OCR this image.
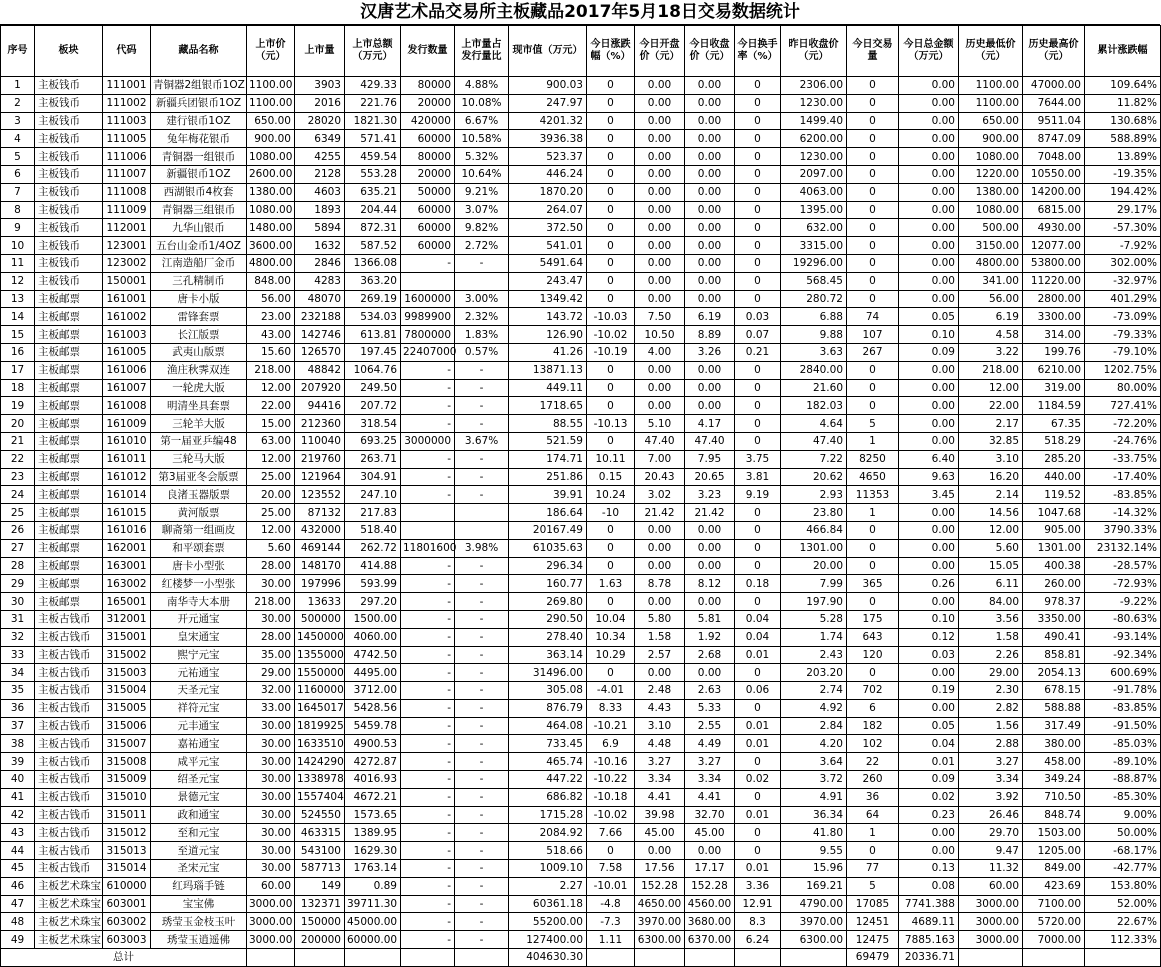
汉唐艺术品交易所主板藏品2017年5月18日交易数据统计
序号	板块	代码	藏品名称	上市价（元）	上市量	上市总额（万元）	发行数量	上市量占发行量比	现市值（万元）	今日涨跌幅（%）	今日开盘价（元）	今日收盘价（元）	今日换手率（%）	昨日收盘价（元）	今日交易量	今日总金额（万元）	历史最低价（元）	历史最高价（元）	累计涨跌幅
1	主板钱币	111001	青铜器2组银币1OZ	1100.00	3903	429.33	80000	4.88%	900.03	0	0.00	0.00	0	2306.00	0	0.00	1100.00	47000.00	109.64%
2	主板钱币	111002	新疆兵团银币1OZ	1100.00	2016	221.76	20000	10.08%	247.97	0	0.00	0.00	0	1230.00	0	0.00	1100.00	7644.00	11.82%
3	主板钱币	111003	建行银币1OZ	650.00	28020	1821.30	420000	6.67%	4201.32	0	0.00	0.00	0	1499.40	0	0.00	650.00	9511.04	130.68%
4	主板钱币	111005	兔年梅花银币	900.00	6349	571.41	60000	10.58%	3936.38	0	0.00	0.00	0	6200.00	0	0.00	900.00	8747.09	588.89%
5	主板钱币	111006	青铜器一组银币	1080.00	4255	459.54	80000	5.32%	523.37	0	0.00	0.00	0	1230.00	0	0.00	1080.00	7048.00	13.89%
6	主板钱币	111007	新疆银币1OZ	2600.00	2128	553.28	20000	10.64%	446.24	0	0.00	0.00	0	2097.00	0	0.00	1220.00	10550.00	-19.35%
7	主板钱币	111008	西湖银币4枚套	1380.00	4603	635.21	50000	9.21%	1870.20	0	0.00	0.00	0	4063.00	0	0.00	1380.00	14200.00	194.42%
8	主板钱币	111009	青铜器三组银币	1080.00	1893	204.44	60000	3.07%	264.07	0	0.00	0.00	0	1395.00	0	0.00	1080.00	6815.00	29.17%
9	主板钱币	112001	九华山银币	1480.00	5894	872.31	60000	9.82%	372.50	0	0.00	0.00	0	632.00	0	0.00	500.00	4930.00	-57.30%
10	主板钱币	123001	五台山金币1/4OZ	3600.00	1632	587.52	60000	2.72%	541.01	0	0.00	0.00	0	3315.00	0	0.00	3150.00	12077.00	-7.92%
11	主板钱币	123002	江南造船厂金币	4800.00	2846	1366.08	-	-	5491.64	0	0.00	0.00	0	19296.00	0	0.00	4800.00	53800.00	302.00%
12	主板钱币	150001	三孔精制币	848.00	4283	363.20			243.47	0	0.00	0.00	0	568.45	0	0.00	341.00	11220.00	-32.97%
13	主板邮票	161001	唐卡小版	56.00	48070	269.19	1600000	3.00%	1349.42	0	0.00	0.00	0	280.72	0	0.00	56.00	2800.00	401.29%
14	主板邮票	161002	雷锋套票	23.00	232188	534.03	9989900	2.32%	143.72	-10.03	7.50	6.19	0.03	6.88	74	0.05	6.19	3300.00	-73.09%
15	主板邮票	161003	长江版票	43.00	142746	613.81	7800000	1.83%	126.90	-10.02	10.50	8.89	0.07	9.88	107	0.10	4.58	314.00	-79.33%
16	主板邮票	161005	武夷山版票	15.60	126570	197.45	22407000	0.57%	41.26	-10.19	4.00	3.26	0.21	3.63	267	0.09	3.22	199.76	-79.10%
17	主板邮票	161006	渔庄秋霁双连	218.00	48842	1064.76	-	-	13871.13	0	0.00	0.00	0	2840.00	0	0.00	218.00	6210.00	1202.75%
18	主板邮票	161007	一轮虎大版	12.00	207920	249.50	-	-	449.11	0	0.00	0.00	0	21.60	0	0.00	12.00	319.00	80.00%
19	主板邮票	161008	明清坐具套票	22.00	94416	207.72	-	-	1718.65	0	0.00	0.00	0	182.03	0	0.00	22.00	1184.59	727.41%
20	主板邮票	161009	三轮羊大版	15.00	212360	318.54	-	-	88.55	-10.13	5.10	4.17	0	4.64	5	0.00	2.17	67.35	-72.20%
21	主板邮票	161010	第一届亚乒编48	63.00	110040	693.25	3000000	3.67%	521.59	0	47.40	47.40	0	47.40	1	0.00	32.85	518.29	-24.76%
22	主板邮票	161011	三轮马大版	12.00	219760	263.71	-	-	174.71	10.11	7.00	7.95	3.75	7.22	8250	6.40	3.10	285.20	-33.75%
23	主板邮票	161012	第3届亚冬会版票	25.00	121964	304.91	-	-	251.86	0.15	20.43	20.65	3.81	20.62	4650	9.63	16.20	440.00	-17.40%
24	主板邮票	161014	良渚玉器版票	20.00	123552	247.10	-	-	39.91	10.24	3.02	3.23	9.19	2.93	11353	3.45	2.14	119.52	-83.85%
25	主板邮票	161015	黄河版票	25.00	87132	217.83			186.64	-10	21.42	21.42	0	23.80	1	0.00	14.56	1047.68	-14.32%
26	主板邮票	161016	聊斋第一组画皮	12.00	432000	518.40			20167.49	0	0.00	0.00	0	466.84	0	0.00	12.00	905.00	3790.33%
27	主板邮票	162001	和平颂套票	5.60	469144	262.72	11801600	3.98%	61035.63	0	0.00	0.00	0	1301.00	0	0.00	5.60	1301.00	23132.14%
28	主板邮票	163001	唐卡小型张	28.00	148170	414.88	-	-	296.34	0	0.00	0.00	0	20.00	0	0.00	15.05	400.38	-28.57%
29	主板邮票	163002	红楼梦一小型张	30.00	197996	593.99	-	-	160.77	1.63	8.78	8.12	0.18	7.99	365	0.26	6.11	260.00	-72.93%
30	主板邮票	165001	南华寺大本册	218.00	13633	297.20	-	-	269.80	0	0.00	0.00	0	197.90	0	0.00	84.00	978.37	-9.22%
31	主板古钱币	312001	开元通宝	30.00	500000	1500.00	-	-	290.50	10.04	5.80	5.81	0.04	5.28	175	0.10	3.56	3350.00	-80.63%
32	主板古钱币	315001	皇宋通宝	28.00	1450000	4060.00	-	-	278.40	10.34	1.58	1.92	0.04	1.74	643	0.12	1.58	490.41	-93.14%
33	主板古钱币	315002	熙宁元宝	35.00	1355000	4742.50	-	-	363.14	10.29	2.57	2.68	0.01	2.43	120	0.03	2.26	858.81	-92.34%
34	主板古钱币	315003	元祐通宝	29.00	1550000	4495.00	-	-	31496.00	0	0.00	0.00	0	203.20	0	0.00	29.00	2054.13	600.69%
35	主板古钱币	315004	天圣元宝	32.00	1160000	3712.00	-	-	305.08	-4.01	2.48	2.63	0.06	2.74	702	0.19	2.30	678.15	-91.78%
36	主板古钱币	315005	祥符元宝	33.00	1645017	5428.56	-	-	876.79	8.33	4.43	5.33	0	4.92	6	0.00	2.82	588.88	-83.85%
37	主板古钱币	315006	元丰通宝	30.00	1819925	5459.78	-	-	464.08	-10.21	3.10	2.55	0.01	2.84	182	0.05	1.56	317.49	-91.50%
38	主板古钱币	315007	嘉祐通宝	30.00	1633510	4900.53	-	-	733.45	6.9	4.48	4.49	0.01	4.20	102	0.04	2.88	380.00	-85.03%
39	主板古钱币	315008	咸平元宝	30.00	1424290	4272.87	-	-	465.74	-10.16	3.27	3.27	0	3.64	22	0.01	3.27	458.00	-89.10%
40	主板古钱币	315009	绍圣元宝	30.00	1338978	4016.93	-	-	447.22	-10.22	3.34	3.34	0.02	3.72	260	0.09	3.34	349.24	-88.87%
41	主板古钱币	315010	景德元宝	30.00	1557404	4672.21	-	-	686.82	-10.18	4.41	4.41	0	4.91	36	0.02	3.92	710.50	-85.30%
42	主板古钱币	315011	政和通宝	30.00	524550	1573.65	-	-	1715.28	-10.02	39.98	32.70	0.01	36.34	64	0.23	26.46	848.74	9.00%
43	主板古钱币	315012	至和元宝	30.00	463315	1389.95	-	-	2084.92	7.66	45.00	45.00	0	41.80	1	0.00	29.70	1503.00	50.00%
44	主板古钱币	315013	至道元宝	30.00	543100	1629.30	-	-	518.66	0	0.00	0.00	0	9.55	0	0.00	9.47	1205.00	-68.17%
45	主板古钱币	315014	圣宋元宝	30.00	587713	1763.14	-	-	1009.10	7.58	17.56	17.17	0.01	15.96	77	0.13	11.32	849.00	-42.77%
46	主板艺术珠宝	610000	红玛瑙手链	60.00	149	0.89	-	-	2.27	-10.01	152.28	152.28	3.36	169.21	5	0.08	60.00	423.69	153.80%
47	主板艺术珠宝	603001	宝宝佛	3000.00	132371	39711.30	-	-	60361.18	-4.8	4650.00	4560.00	12.91	4790.00	17085	7741.388	3000.00	7100.00	52.00%
48	主板艺术珠宝	603002	琇莹玉金枝玉叶	3000.00	150000	45000.00	-	-	55200.00	-7.3	3970.00	3680.00	8.3	3970.00	12451	4689.11	3000.00	5720.00	22.67%
49	主板艺术珠宝	603003	琇莹玉逍遥佛	3000.00	200000	60000.00	-	-	127400.00	1.11	6300.00	6370.00	6.24	6300.00	12475	7885.163	3000.00	7000.00	112.33%
总计									404630.30						69479	20336.71			
